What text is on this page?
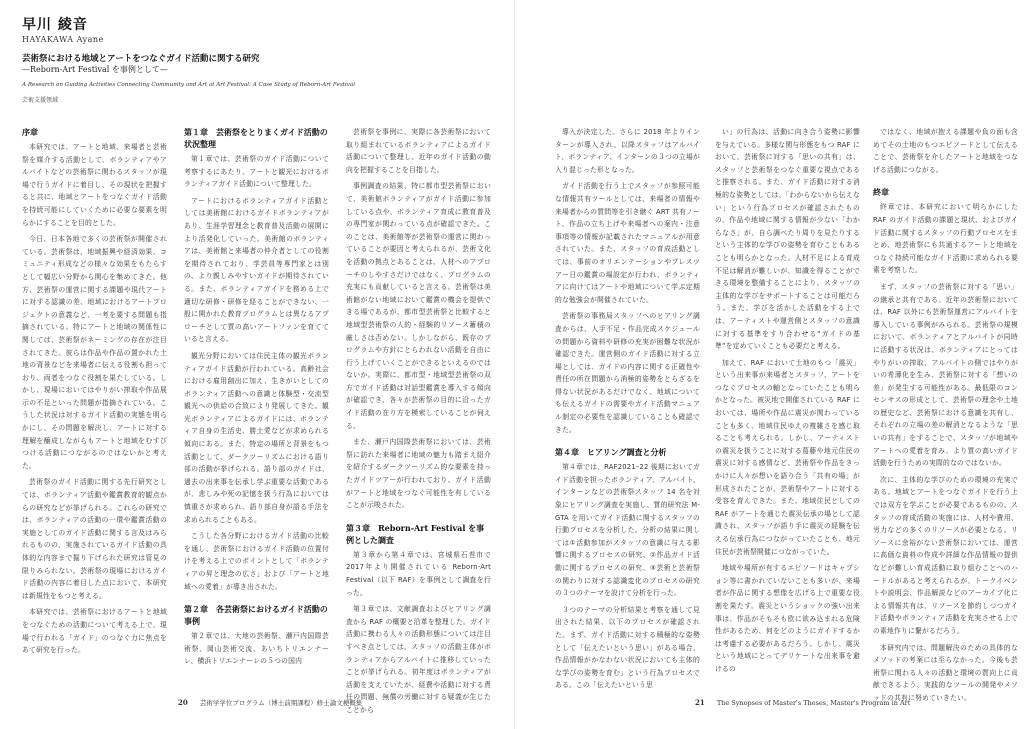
早川 綾音
HAYAKAWA Ayane
芸術祭における地域とアートをつなぐガイド活動に関する研究
—Reborn-Art Festival を事例として—
A Research on Guiding Activities Connecting Community and Art at Art Festival: A Case Study of Reborn-Art Festival
芸術支援領域
序章
本研究では、アートと地域、来場者と芸術祭を媒介する活動として、ボランティアやアルバイトなどの芸術祭に関わるスタッフが現場で行うガイドに着目し、その現状を把握すると共に、地域とアートをつなぐガイド活動を持続可能にしていくために必要な要素を明らかにすることを目的とした。
今日、日本各地で多くの芸術祭が開催されている。芸術祭は、地域振興や経済効果、コミュニティ形成などの様々な効果をもたらすとして幅広い分野から関心を集めてきた。他方、芸術祭の運営に関する課題や現代アートに対する認識の差、地域におけるアートプロジェクトの意義など、一考を要する問題も指摘されている。特にアートと地域の関係性に関しては、芸術祭がネーミングの存在が注目されてきた。彼らは作品や作品の置かれた土地の背景などを来場者に伝える役割も担っており、両者をつなぐ役割を果たしている。しかし、現場においてはやりがい搾取や作品展示の不足といった問題が指摘されている。こうした状況は対するガイド活動の実態を明らかにし、その問題を解決し、アートに対する理解を醸成しながらもアートと地域をむすびつける活動につながるのではないかと考えた。
芸術祭のガイド活動に関する先行研究としては、ボランティア活動や鑑賞教育的観点からの研究などが挙げられる。これらの研究では、ボランティアの活動の一環や鑑賞活動の実施としてのガイド活動に関する言及はみられるものの、実施されているガイド活動の具体的な内容まで掘り下げられた研究は管見の限りみられない。芸術祭の現場におけるガイド活動の内容に着目した点において、本研究は新規性をもつと考える。
本研究では、芸術祭におけるアートと地域をつなぐための活動について考える上で、現場で行われる「ガイド」のつなぐ力に焦点をあて研究を行った。
第１章　芸術祭をとりまくガイド活動の状況整理
第１章では、芸術祭のガイド活動について考察するにあたり、アートと観光におけるボランティアガイド活動について整理した。
アートにおけるボランティアガイド活動としては美術館におけるガイドボランティアがあり、生涯学習理念と教育普及活動の展開により活発化していった。美術館のボランティアは、美術館と来場者の仲介者としての役割を期待されており、学芸員等専門家とは別の、より親しみやすいガイドが期待されている。また、ボランティアガイドを務める上で適切な研修・研修を経ることができない、一般に開かれた教育プログラムとは異なるアプローチとして質の高いアートファンを育てていると言える。
観光分野においては住民主体の観光ボランティアガイド活動が行われている。高齢社会における雇用創出に加え、生きがいとしてのボランティア活動への意識と体験型・交流型観光への供給の合致により発展してきた。観光ボランティアによるガイドには、ボランティア自身の生活史、勝土愛などが求められる傾向にある。また、特定の場所と背景をもつ活動として、ダークツーリズムにおける語り部の活動が挙げられる。語り部のガイドは、過去の出来事を伝承し学ぶ重要な活動であるが、悲しみや死の記憶を扱う行為においては慎重さが求められ、語り部自身が語る手法を求められることもある。
こうした各分野におけるガイド活動の比較を通し、芸術祭におけるガイド活動の位置付けを考える上でのポイントとして「ボランティアの昇と理念の広さ」および「アートと地域への愛着」が導き出された。
第２章　各芸術祭におけるガイド活動の事例
第２章では、大地の芸術祭、瀬戸内国際芸術祭、岡山芸術交流、あいちトリエンナーレ、横浜トリエンナーレの５つの国内
芸術祭を事例に、実際に各芸術祭において取り組まれているボランティアによるガイド活動について整理し、近年のガイド活動の動向を把握することを目指した。
事例調査の結果、特に都市型芸術祭において、美術館ボランティアがガイド活動に参加している点や、ボランティア育成に教育普及の専門家が関わっている点が確認できた。このことは、美術館等が芸術祭の運営に関わっていることが要因と考えられるが、芸術文化を活動の拠点とあることは、人材へのアプローチのしやすさだけではなく、プログラムの充実にも貢献していると言える。芸術祭は美術館がない地域において鑑賞の機会を提供できる場であるが、都市型芸術祭と比較すると地域型芸術祭の人的・経験的リソース蓄積の厳しさは否めない。しかしながら、既存のプログラムや方針にとらわれない活動を自由に行う上げていくことができるといえるのではないか。実際に、都市型・地域型芸術祭の双方でガイド活動は対話型鑑賞を導入する傾向が確認でき、各々が芸術祭の目的に沿ったガイド活動の在り方を模索していることが伺える。
また、瀬戸内国際芸術祭においては、芸術祭に訪れた来場者に地域の魅力も踏まえ紹介を紹介するダークツーリズム的な要素を持ったガイドツアーが行われており、ガイド活動がアートと地域をつなぐ可能性を有していることが示唆された。
第３章　Reborn-Art Festival を事例とした調査
第３章から第４章では、宮城県石巻市で2017年より開催されている Reborn-Art Festival（以下 RAF）を事例として調査を行った。
第３章では、文献調査およびヒアリング調査から RAF の概要と沿革を整理した。ガイド活動に携わる人々の活動形態については注目すべき点としては、スタッフの活動主体がボランティアからアルバイトに推移していったことが挙げられる。初年度はボランティアが活動を支えていたが、経費や活動に対する責任の問題、無償の労働に対する疑義が生じたことから
20 芸術学学位プログラム（博士前期課程）修士論文梗概集
導入が決定した。さらに 2018 年よりインターンが導入され、以降スタッフはアルバイト、ボランティア、インターンの３つの立場が入り混じった形となった。
ガイド活動を行う上でスタッフが参照可能な情報共有ツールとしては、来場者の情報や来場者からの質問等を引き継ぐ ART 共有ノート、作品の立ち上げや来場者への案内・注意事項等の情報が記載されたマニュアルが用意されていた。また、スタッフの育成活動としては、事前のオリエンテーションやプレスツアー日の鑑賞の場設定が行われ、ボランティアに向けてはアートや地域について学ぶ定期的な勉強会が開催されていた。
芸術祭の事務局スタッフへのヒアリング調査からは、人手不足・作品完成スケジュールの問題から資料や研修の充実が困難な状況が確認できた。運営側のガイド活動に対する立場としては、ガイドの内容に関する正確性や責任の所在問題から消極的姿勢をとらざるを得ない状況があるだけでなく、地域についても伝えるガイドの需要やガイド活動マニュアル制定の必要性を認識していることも確認できた。
第４章　ヒアリング調査と分析
第４章では、RAF2021–22 後期においてガイド活動を担ったボランティア、アルバイト、インターンなどの芸術祭スタッフ 14 名を対象にヒアリング調査を実施し、質的研究法 M-GTA を用いてガイド活動に関するスタッフの行動プロセスを分析した。分析の結果に関しては①活動参加がスタッフの意識に与える影響に関するプロセスの研究、②作品ガイド活動に関するプロセスの研究、③芸術と芸術祭の関わりに対する認識変化のプロセスの研究の３つのテーマを設けて分析を行った。
３つのテーマの分析結果と考察を通して見出された結果、以下のプロセスが確認された。まず、ガイド活動に対する積極的な姿勢として「伝えたいという思い」がある場合、作品情報がかなわない状況においても主体的な学びの姿勢を育む」という行為プロセスである。この「伝えたいという思
い」の行為は、活動に向き合う姿勢に影響を与えている。多様な関与形態をもつ RAF において、芸術祭に対する「思いの共有」は、スタッフと芸術祭をつなぐ重要な視点であると推察される。また、ガイド活動に対する消極的な姿勢としては、「わからないから伝えない」という行為プロセスが確認されたものの、作品や地域に関する情報が少ない「わからなさ」が、自ら調べたり周りを見たりするという主体的な学びの姿勢を育むこともあることも明らかとなった。人材不足による育成不足は解消が難しいが、知識を得ることができる環境を整備することにより、スタッフの主体的な学びをサポートすることは可能だろう。また、学びを活かした活動をする上では、アーティストや運営側とスタッフの意識に対する基準をすり合わせる“ガイドの基準”を定めていくことも必要だと考える。
加えて、RAF において土地のもつ「震災」という出来事が来場者とスタッフ、アートをつなぐプロセスの軸となっていたことも明らかとなった。被災地で開催されている RAF においては、場所や作品に震災が関わっていることも多く、地域住民ゆえの複雑さを感じ取ることも考えられる。しかし、アーティストの震災を扱うことに対する葛藤や地元住民の震災に対する感情など、芸術祭や作品をきっかけに人々が想いを語り合う「共有の場」が形成されたことが、芸術祭やアートに対する受容を育んできた。また、地域住民としての RAF がアートを通じた震災伝承の場として認識され、スタッフが語り手に震災の経験を伝える伝承行為につながっていたことも、地元住民が芸術祭開催につながっていた。
地域や場所が有するエピソードはキャプション等に書かれていないことも多いが、来場者が作品に関する想像を広げる上で重要な役割を果たす。震災というショックの強い出来事は、作品がそもそも欧に欲み込まれる危険性があるため、何をどのようにガイドするかは考慮する必要があるだろう。しかし、震災という地域にとってデリケートな出来事を避けるの
ではなく、地域が抱える課題や負の面も含めてその土地のもつエピソードとして伝えることで、芸術祭を介したアートと地域をつなげる活動につながる。
終章
終章では、本研究において明らかにした RAF のガイド活動の課題と現状、およびガイド活動に関するスタッフの行動プロセスをまとめ、地芸術祭にも共通するアートと地域をつなぐ持続可能なガイド活動に求められる要素を考察した。
まず、スタッフの芸術祭に対する「思い」の継承と共有である。近年の芸術祭においては、RAF 以外にも芸術祭運営にアルバイトを導入している事例がみられる。芸術祭の規模において、ボランティアとアルバイトが同時に活動する状況は、ボランティアにとってはやりがいの搾取、アルバイトの側ではやりがいの希薄化を生み、芸術祭に対する「想いの差」が発生する可能性がある。最低限のコンセンサスの形成として、芸術祭の理念や土地の歴史など、芸術祭における意識を共有し、それぞれの立場の差の解消となるような「思いの共有」をすることで、スタッフが地域やアートへの愛着を育み、より質の高いガイド活動を行うための実際的なのではないか。
次に、主体的な学びのための環境の充実である。地域とアートをつなぐガイドを行う上では双方を学ぶことが必要であるものの、スタッフの育成活動の実施には、人材や費用、労力などの多くのリソースが必要となる。リソースに余裕がない芸術祭においては、運営に高価な資料の作成や詳細な作品情報の提供などが難しい育成活動に取り組むことへのハードルがあると考えられるが、トークイベントや説明会、作品解説などのアーカイブ化による情報共有は、リソースを節約しつつガイド活動やボランティア活動を充実させる上での素地作りに繋がるだろう。
本研究内では、問題解決のための具体的なメソッドの考案には至らなかった。今後も芸術祭に関わる人々の活動と環境の質向上に貢献できるよう、実践的なツールの開発やメソッドの共有に努めていきたい。
21 The Synopses of Master's Theses, Master's Program in Art
